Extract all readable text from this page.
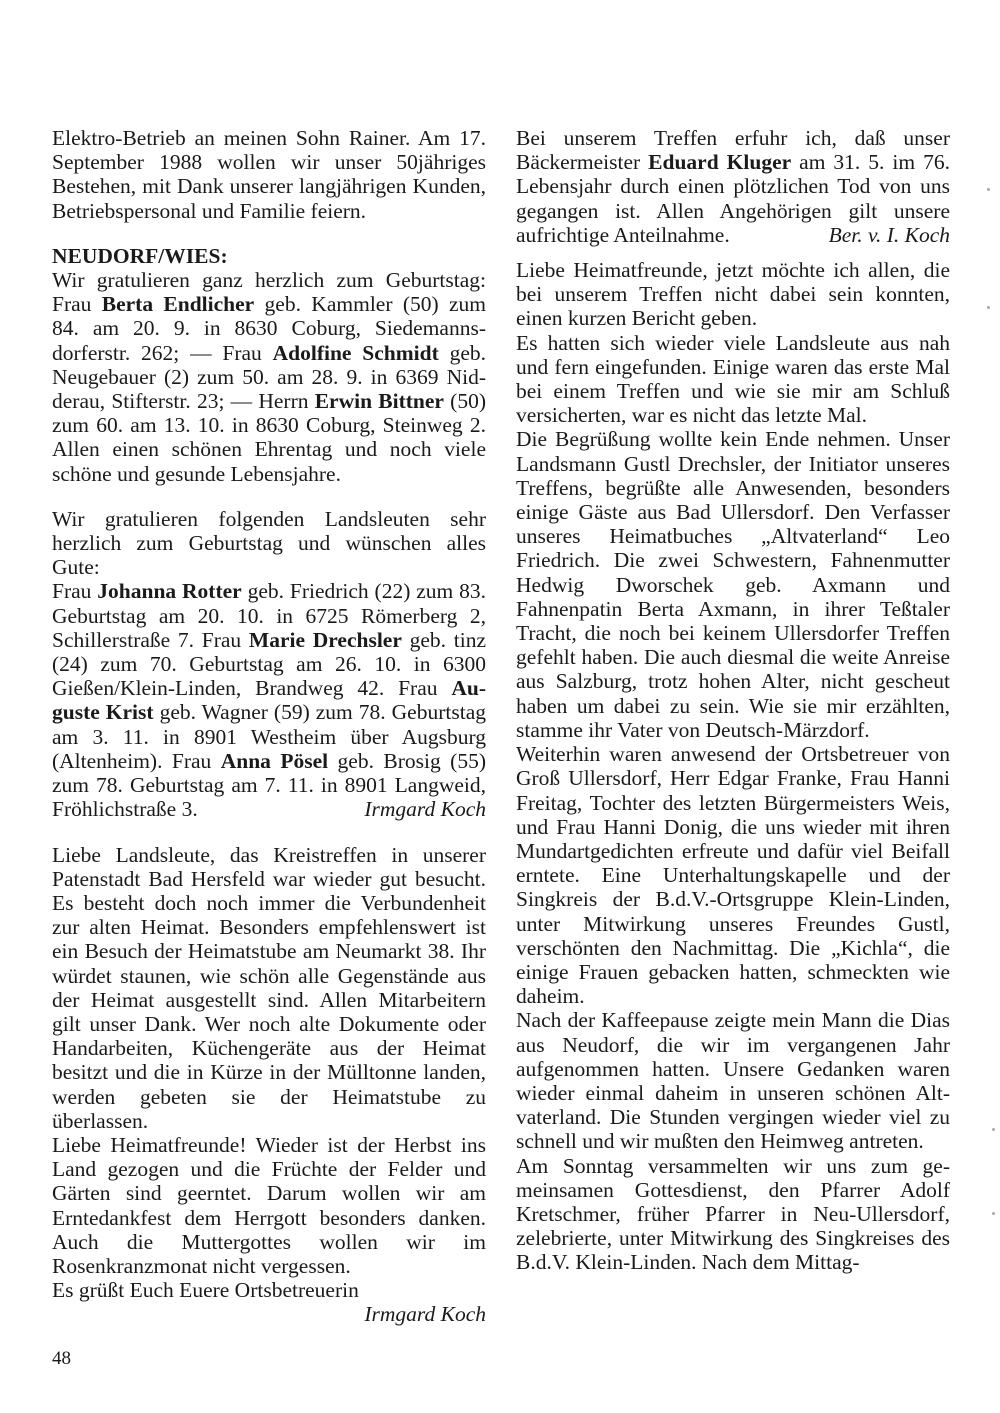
Elektro-Betrieb an meinen Sohn Rainer. Am 17. September 1988 wollen wir unser 50jähriges Bestehen, mit Dank unserer langjährigen Kunden, Betriebspersonal und Familie feiern.

NEUDORF/WIES:

Wir gratulieren ganz herzlich zum Geburtstag: Frau Berta Endlicher geb. Kammler (50) zum 84. am 20. 9. in 8630 Coburg, Siedemannsdorferstr. 262; — Frau Adolfine Schmidt geb. Neugebauer (2) zum 50. am 28. 9. in 6369 Nidderau, Stifterstr. 23; — Herrn Erwin Bittner (50) zum 60. am 13. 10. in 8630 Coburg, Steinweg 2. Allen einen schönen Ehrentag und noch viele schöne und gesunde Lebensjahre.

Wir gratulieren folgenden Landsleuten sehr herzlich zum Geburtstag und wünschen alles Gute:

Frau Johanna Rotter geb. Friedrich (22) zum 83. Geburtstag am 20. 10. in 6725 Römerberg 2, Schillerstraße 7. Frau Marie Drechsler geb. tinz (24) zum 70. Geburtstag am 26. 10. in 6300 Gießen/Klein-Linden, Brandweg 42. Frau Auguste Krist geb. Wagner (59) zum 78. Geburtstag am 3. 11. in 8901 Westheim über Augsburg (Altenheim). Frau Anna Pösel geb. Brosig (55) zum 78. Geburtstag am 7. 11. in 8901 Langweid, Fröhlichstraße 3.	Irmgard Koch

Liebe Landsleute, das Kreistreffen in unserer Patenstadt Bad Hersfeld war wieder gut besucht. Es besteht doch noch immer die Verbundenheit zur alten Heimat. Besonders empfehlenswert ist ein Besuch der Heimatstube am Neumarkt 38. Ihr würdet staunen, wie schön alle Gegenstände aus der Heimat ausgestellt sind. Allen Mitarbeitern gilt unser Dank. Wer noch alte Dokumente oder Handarbeiten, Küchengeräte aus der Heimat besitzt und die in Kürze in der Mülltonne landen, werden gebeten sie der Heimatstube zu überlassen.

Liebe Heimatfreunde! Wieder ist der Herbst ins Land gezogen und die Früchte der Felder und Gärten sind geerntet. Darum wollen wir am Erntedankfest dem Herrgott besonders danken. Auch die Muttergottes wollen wir im Rosenkranzmonat nicht vergessen.

Es grüßt Euch Euere Ortsbetreuerin

Irmgard Koch

Bei unserem Treffen erfuhr ich, daß unser Bäckermeister Eduard Kluger am 31. 5. im 76. Lebensjahr durch einen plötzlichen Tod von uns gegangen ist. Allen Angehörigen gilt unsere aufrichtige Anteilnahme.	Ber. v. I. Koch

Liebe Heimatfreunde, jetzt möchte ich allen, die bei unserem Treffen nicht dabei sein konnten, einen kurzen Bericht geben.

Es hatten sich wieder viele Landsleute aus nah und fern eingefunden. Einige waren das erste Mal bei einem Treffen und wie sie mir am Schluß versicherten, war es nicht das letzte Mal.

Die Begrüßung wollte kein Ende nehmen. Unser Landsmann Gustl Drechsler, der Initiator unseres Treffens, begrüßte alle Anwesenden, besonders einige Gäste aus Bad Ullersdorf. Den Verfasser unseres Heimatbuches „Altvaterland“ Leo Friedrich. Die zwei Schwestern, Fahnenmutter Hedwig Dworschek geb. Axmann und Fahnenpatin Berta Axmann, in ihrer Teßtaler Tracht, die noch bei keinem Ullersdorfer Treffen gefehlt haben. Die auch diesmal die weite Anreise aus Salzburg, trotz hohen Alter, nicht gescheut haben um dabei zu sein. Wie sie mir erzählten, stamme ihr Vater von Deutsch-Märzdorf.

Weiterhin waren anwesend der Ortsbetreuer von Groß Ullersdorf, Herr Edgar Franke, Frau Hanni Freitag, Tochter des letzten Bürgermeisters Weis, und Frau Hanni Donig, die uns wieder mit ihren Mundartgedichten erfreute und dafür viel Beifall erntete. Eine Unterhaltungskapelle und der Singkreis der B.d.V.-Ortsgruppe Klein-Linden, unter Mitwirkung unseres Freundes Gustl, verschönten den Nachmittag. Die „Kichla“, die einige Frauen gebacken hatten, schmeckten wie daheim.

Nach der Kaffeepause zeigte mein Mann die Dias aus Neudorf, die wir im vergangenen Jahr aufgenommen hatten. Unsere Gedanken waren wieder einmal daheim in unseren schönen Altvaterland. Die Stunden vergingen wieder viel zu schnell und wir mußten den Heimweg antreten.

Am Sonntag versammelten wir uns zum gemeinsamen Gottesdienst, den Pfarrer Adolf Kretschmer, früher Pfarrer in Neu-Ullersdorf, zelebrierte, unter Mitwirkung des Singkreises des B.d.V. Klein-Linden. Nach dem Mittag-

48
